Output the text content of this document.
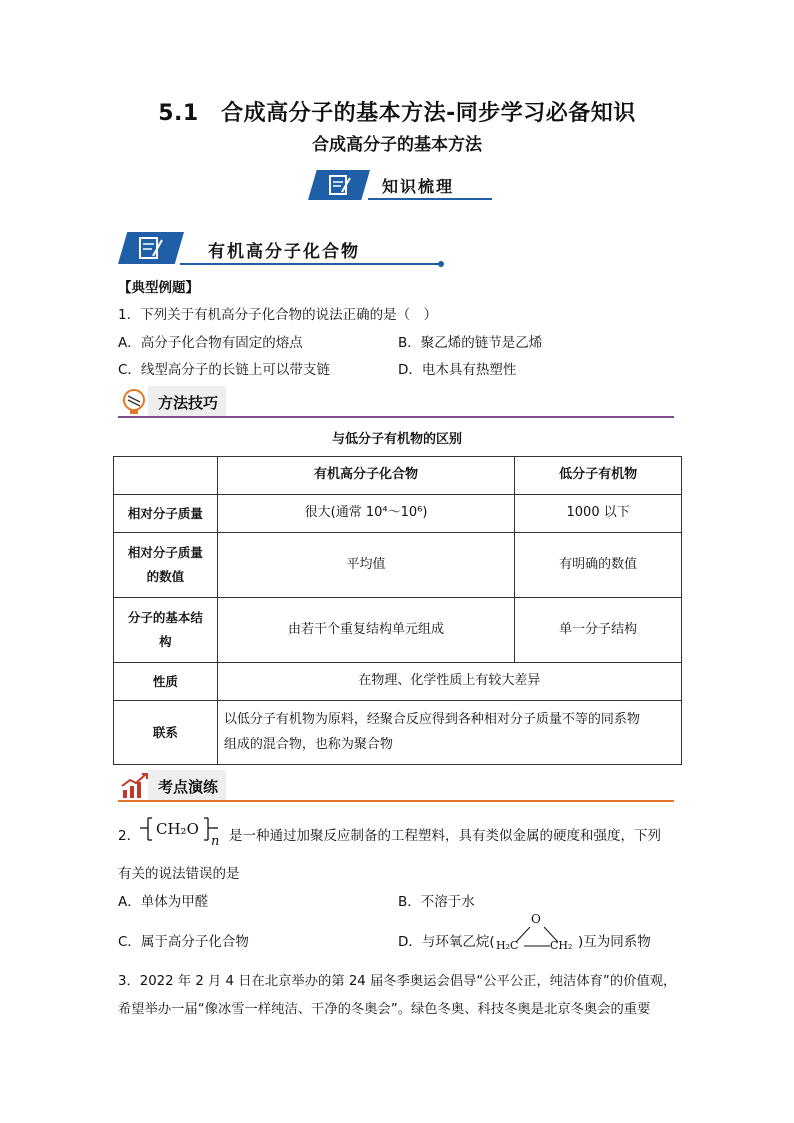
5.1　合成高分子的基本方法-同步学习必备知识
合成高分子的基本方法
知识梳理
有机高分子化合物
【典型例题】
1．下列关于有机高分子化合物的说法正确的是（　）
A．高分子化合物有固定的熔点	B．聚乙烯的链节是乙烯
C．线型高分子的长链上可以带支链	D．电木具有热塑性
方法技巧
与低分子有机物的区别
	有机高分子化合物	低分子有机物
相对分子质量	很大(通常 10⁴～10⁶)	1000 以下

相对分子质量
的数值	平均值	有明确的数值

分子的基本结
构	由若干个重复结构单元组成	单一分子结构
性质	在物理、化学性质上有较大差异	
联系	以低分子有机物为原料，经聚合反应得到各种相对分子质量不等的同系物
组成的混合物，也称为聚合物	
考点演练
2． CH₂O
n 是一种通过加聚反应制备的工程塑料，具有类似金属的硬度和强度，下列
有关的说法错误的是
A．单体为甲醛	B．不溶于水
C．属于高分子化合物	D．与环氧乙烷(
O
H₂C	CH₂ )互为同系物
3．2022 年 2 月 4 日在北京举办的第 24 届冬季奥运会倡导“公平公正，纯洁体育”的价值观，
希望举办一届“像冰雪一样纯洁、干净的冬奥会”。绿色冬奥、科技冬奥是北京冬奥会的重要
